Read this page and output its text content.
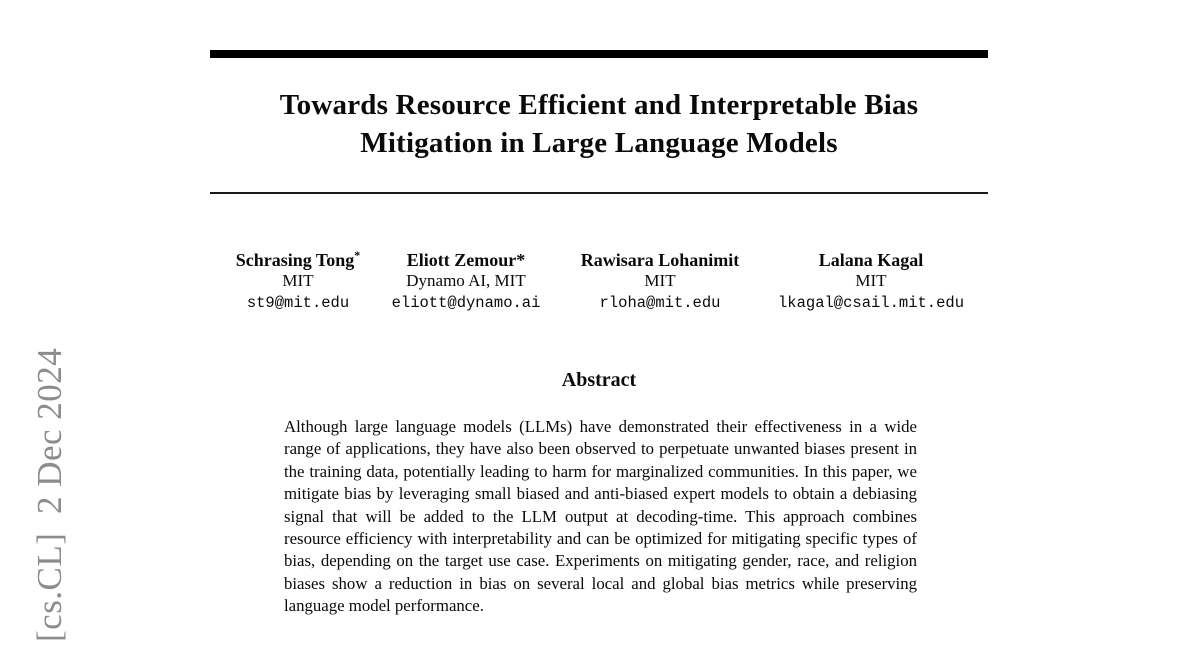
[cs.CL]  2 Dec 2024
Towards Resource Efficient and Interpretable Bias
Mitigation in Large Language Models
Schrasing Tong*
MIT
st9@mit.edu
Eliott Zemour*
Dynamo AI, MIT
eliott@dynamo.ai
Rawisara Lohanimit
MIT
rloha@mit.edu
Lalana Kagal
MIT
lkagal@csail.mit.edu
Abstract
Although large language models (LLMs) have demonstrated their effectiveness in a wide range of applications, they have also been observed to perpetuate unwanted biases present in the training data, potentially leading to harm for marginalized communities. In this paper, we mitigate bias by leveraging small biased and anti-biased expert models to obtain a debiasing signal that will be added to the LLM output at decoding-time. This approach combines resource efficiency with interpretability and can be optimized for mitigating specific types of bias, depending on the target use case. Experiments on mitigating gender, race, and religion biases show a reduction in bias on several local and global bias metrics while preserving language model performance.
